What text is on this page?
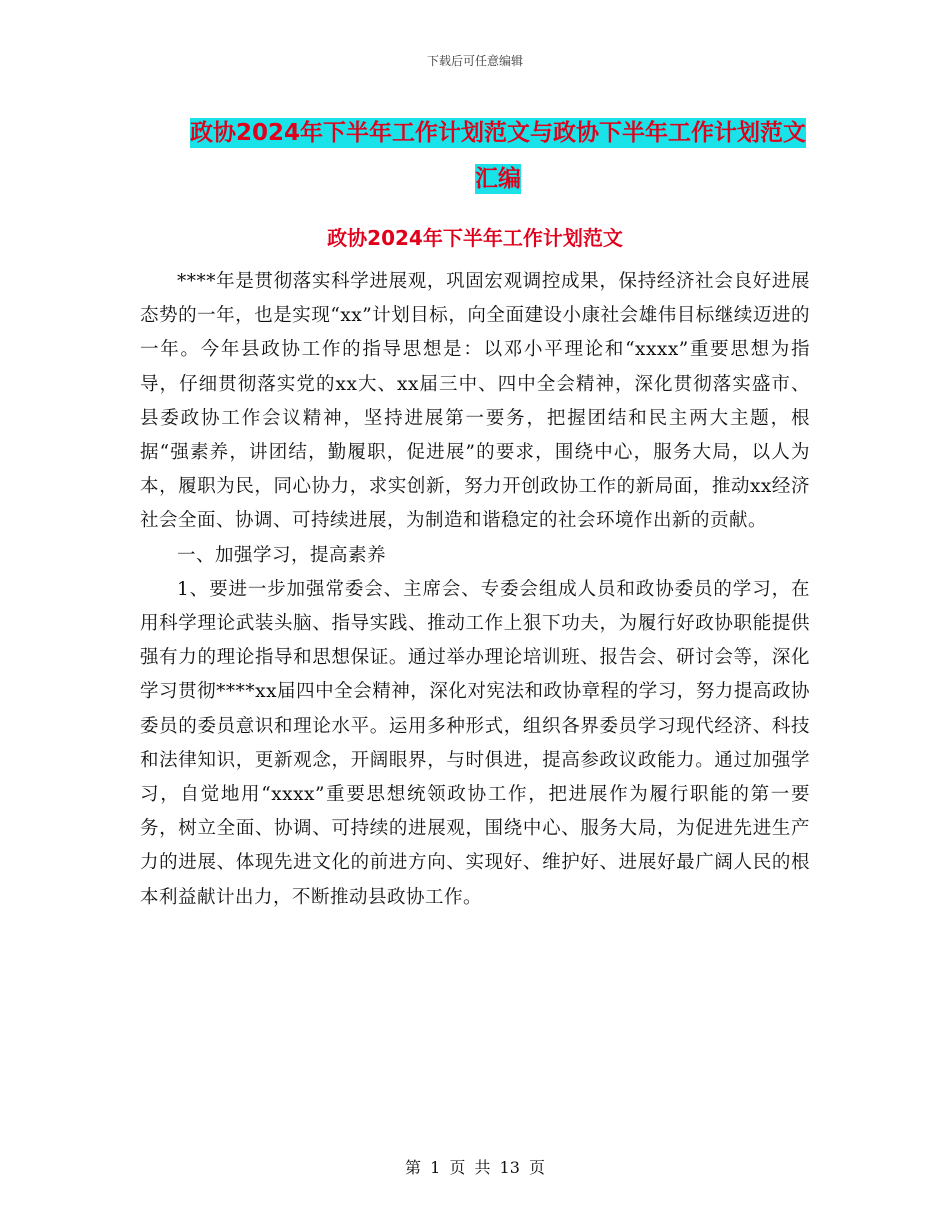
下载后可任意编辑
政协2024年下半年工作计划范文与政协下半年工作计划范文汇编
政协2024年下半年工作计划范文

****年是贯彻落实科学进展观，巩固宏观调控成果，保持经济社会良好进展态势的一年，也是实现“xx”计划目标，向全面建设小康社会雄伟目标继续迈进的一年。今年县政协工作的指导思想是：以邓小平理论和“xxxx”重要思想为指导，仔细贯彻落实党的xx大、xx届三中、四中全会精神，深化贯彻落实盛市、县委政协工作会议精神，坚持进展第一要务，把握团结和民主两大主题，根据“强素养，讲团结，勤履职，促进展”的要求，围绕中心，服务大局，以人为本，履职为民，同心协力，求实创新，努力开创政协工作的新局面，推动xx经济社会全面、协调、可持续进展，为制造和谐稳定的社会环境作出新的贡献。

一、加强学习，提高素养

1、要进一步加强常委会、主席会、专委会组成人员和政协委员的学习，在用科学理论武装头脑、指导实践、推动工作上狠下功夫，为履行好政协职能提供强有力的理论指导和思想保证。通过举办理论培训班、报告会、研讨会等，深化学习贯彻****xx届四中全会精神，深化对宪法和政协章程的学习，努力提高政协委员的委员意识和理论水平。运用多种形式，组织各界委员学习现代经济、科技和法律知识，更新观念，开阔眼界，与时俱进，提高参政议政能力。通过加强学习，自觉地用“xxxx”重要思想统领政协工作，把进展作为履行职能的第一要务，树立全面、协调、可持续的进展观，围绕中心、服务大局，为促进先进生产力的进展、体现先进文化的前进方向、实现好、维护好、进展好最广阔人民的根本利益献计出力，不断推动县政协工作。

第 1 页 共 13 页
